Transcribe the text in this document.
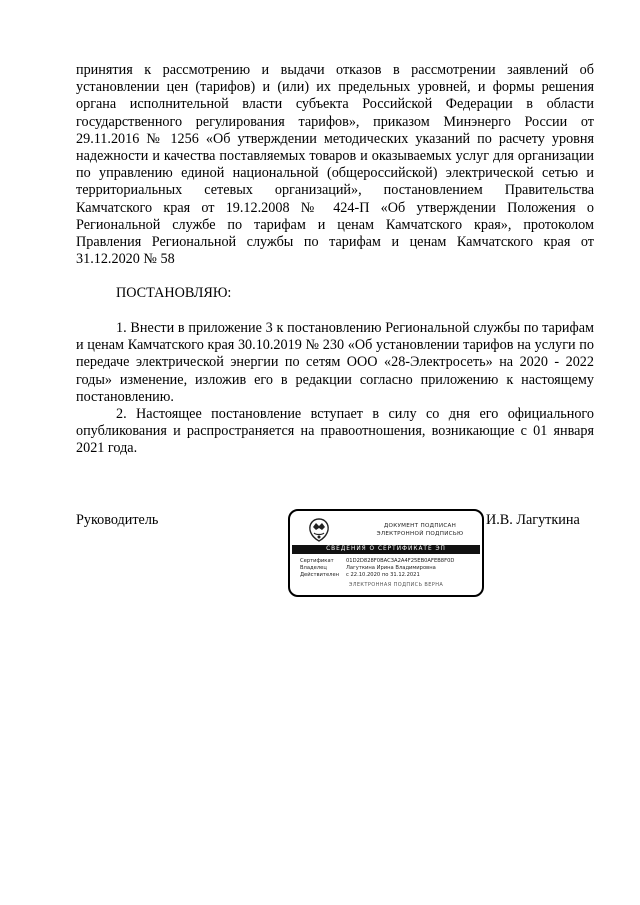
принятия к рассмотрению и выдачи отказов в рассмотрении заявлений об установлении цен (тарифов) и (или) их предельных уровней, и формы решения органа исполнительной власти субъекта Российской Федерации в области государственного регулирования тарифов», приказом Минэнерго России от 29.11.2016 № 1256 «Об утверждении методических указаний по расчету уровня надежности и качества поставляемых товаров и оказываемых услуг для организации по управлению единой национальной (общероссийской) электрической сетью и территориальных сетевых организаций», постановлением Правительства Камчатского края от 19.12.2008 № 424-П «Об утверждении Положения о Региональной службе по тарифам и ценам Камчатского края», протоколом Правления Региональной службы по тарифам и ценам Камчатского края от 31.12.2020 № 58
ПОСТАНОВЛЯЮ:
1. Внести в приложение 3 к постановлению Региональной службы по тарифам и ценам Камчатского края 30.10.2019 № 230 «Об установлении тарифов на услуги по передаче электрической энергии по сетям ООО «28-Электросеть» на 2020 - 2022 годы» изменение, изложив его в редакции согласно приложению к настоящему постановлению.
2. Настоящее постановление вступает в силу со дня его официального опубликования и распространяется на правоотношения, возникающие с 01 января 2021 года.
Руководитель	ДОКУМЕНТ ПОДПИСАН
ЭЛЕКТРОННОЙ ПОДПИСЬЮ
СВЕДЕНИЯ О СЕРТИФИКАТЕ ЭП
Сертификат 01D2D828F0BAC3A2A4F25EB0AFEB8F0D
Владелец	Лагуткина Ирина Владимировна
Действителен с 22.10.2020 по 31.12.2021
ЭЛЕКТРОННАЯ ПОДПИСЬ ВЕРНА
И.В. Лагуткина
